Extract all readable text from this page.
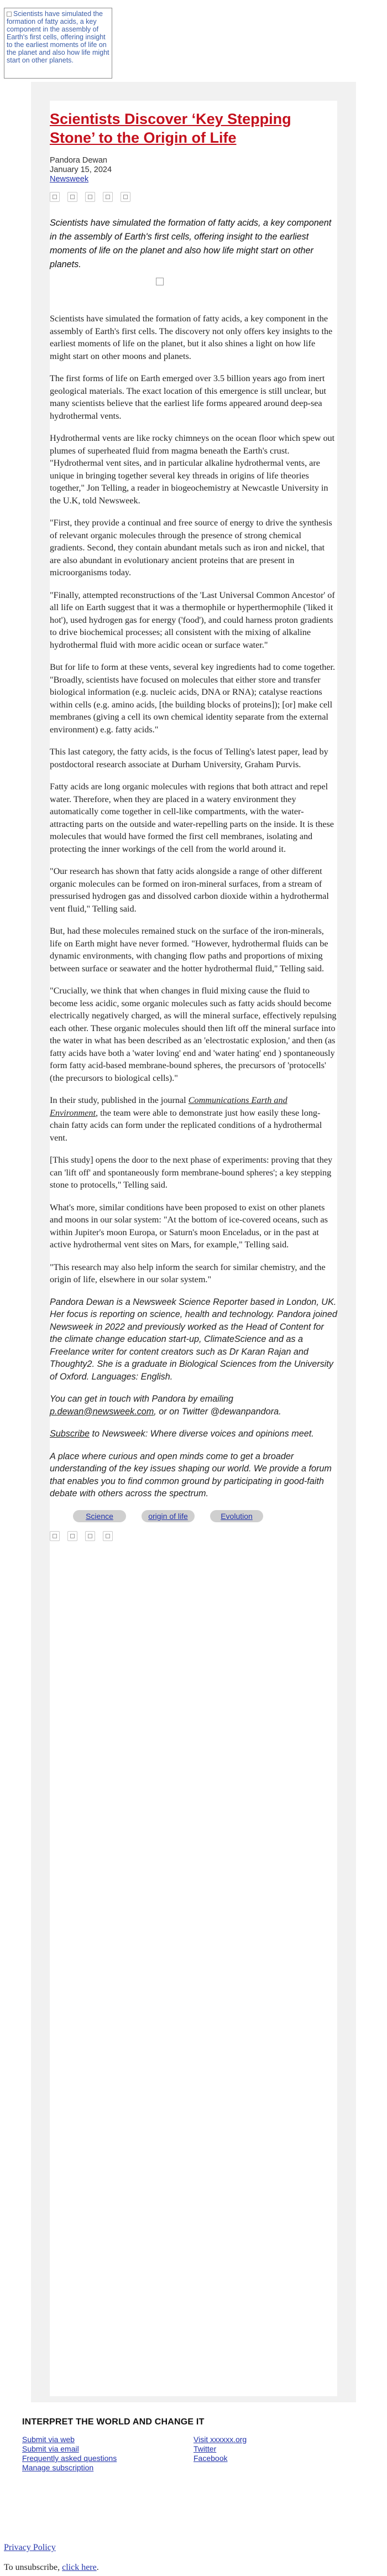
Scientists have simulated the formation of fatty acids, a key component in the assembly of Earth's first cells, offering insight to the earliest moments of life on the planet and also how life might start on other planets.
Scientists Discover ‘Key Stepping Stone’ to the Origin of Life
Pandora Dewan
January 15, 2024
Newsweek
Scientists have simulated the formation of fatty acids, a key component in the assembly of Earth's first cells, offering insight to the earliest moments of life on the planet and also how life might start on other planets.

Scientists have simulated the formation of fatty acids, a key component in the assembly of Earth's first cells. The discovery not only offers key insights to the earliest moments of life on the planet, but it also shines a light on how life might start on other moons and planets.

The first forms of life on Earth emerged over 3.5 billion years ago from inert geological materials. The exact location of this emergence is still unclear, but many scientists believe that the earliest life forms appeared around deep-sea hydrothermal vents.

Hydrothermal vents are like rocky chimneys on the ocean floor which spew out plumes of superheated fluid from magma beneath the Earth's crust. "Hydrothermal vent sites, and in particular alkaline hydrothermal vents, are unique in bringing together several key threads in origins of life theories together," Jon Telling, a reader in biogeochemistry at Newcastle University in the U.K, told Newsweek.

"First, they provide a continual and free source of energy to drive the synthesis of relevant organic molecules through the presence of strong chemical gradients. Second, they contain abundant metals such as iron and nickel, that are also abundant in evolutionary ancient proteins that are present in microorganisms today.

"Finally, attempted reconstructions of the 'Last Universal Common Ancestor' of all life on Earth suggest that it was a thermophile or hyperthermophile ('liked it hot'), used hydrogen gas for energy ('food'), and could harness proton gradients to drive biochemical processes; all consistent with the mixing of alkaline hydrothermal fluid with more acidic ocean or surface water."

But for life to form at these vents, several key ingredients had to come together. "Broadly, scientists have focused on molecules that either store and transfer biological information (e.g. nucleic acids, DNA or RNA); catalyse reactions within cells (e.g. amino acids, [the building blocks of proteins]); [or] make cell membranes (giving a cell its own chemical identity separate from the external environment) e.g. fatty acids."

This last category, the fatty acids, is the focus of Telling's latest paper, lead by postdoctoral research associate at Durham University, Graham Purvis.

Fatty acids are long organic molecules with regions that both attract and repel water. Therefore, when they are placed in a watery environment they automatically come together in cell-like compartments, with the water-attracting parts on the outside and water-repelling parts on the inside. It is these molecules that would have formed the first cell membranes, isolating and protecting the inner workings of the cell from the world around it.

"Our research has shown that fatty acids alongside a range of other different organic molecules can be formed on iron-mineral surfaces, from a stream of pressurised hydrogen gas and dissolved carbon dioxide within a hydrothermal vent fluid," Telling said.

But, had these molecules remained stuck on the surface of the iron-minerals, life on Earth might have never formed. "However, hydrothermal fluids can be dynamic environments, with changing flow paths and proportions of mixing between surface or seawater and the hotter hydrothermal fluid," Telling said.

"Crucially, we think that when changes in fluid mixing cause the fluid to become less acidic, some organic molecules such as fatty acids should become electrically negatively charged, as will the mineral surface, effectively repulsing each other. These organic molecules should then lift off the mineral surface into the water in what has been described as an 'electrostatic explosion,' and then (as fatty acids have both a 'water loving' end and 'water hating' end ) spontaneously form fatty acid-based membrane-bound spheres, the precursors of 'protocells' (the precursors to biological cells)."

In their study, published in the journal Communications Earth and Environment, the team were able to demonstrate just how easily these long-chain fatty acids can form under the replicated conditions of a hydrothermal vent.

[This study] opens the door to the next phase of experiments: proving that they can 'lift off' and spontaneously form membrane-bound spheres'; a key stepping stone to protocells," Telling said.

What's more, similar conditions have been proposed to exist on other planets and moons in our solar system: "At the bottom of ice-covered oceans, such as within Jupiter's moon Europa, or Saturn's moon Enceladus, or in the past at active hydrothermal vent sites on Mars, for example," Telling said.

"This research may also help inform the search for similar chemistry, and the origin of life, elsewhere in our solar system."

Pandora Dewan is a Newsweek Science Reporter based in London, UK. Her focus is reporting on science, health and technology. Pandora joined Newsweek in 2022 and previously worked as the Head of Content for the climate change education start-up, ClimateScience and as a Freelance writer for content creators such as Dr Karan Rajan and Thoughty2. She is a graduate in Biological Sciences from the University of Oxford. Languages: English.

You can get in touch with Pandora by emailing p.dewan@newsweek.com, or on Twitter @dewanpandora.

Subscribe to Newsweek: Where diverse voices and opinions meet.

A place where curious and open minds come to get a broader understanding of the key issues shaping our world. We provide a forum that enables you to find common ground by participating in good-faith debate with others across the spectrum.

Science	origin of life	Evolution
INTERPRET THE WORLD AND CHANGE IT
Submit via web
Submit via email
Frequently asked questions
Manage subscription
Visit xxxxxx.org
Twitter
Facebook
Privacy Policy
To unsubscribe, click here.
